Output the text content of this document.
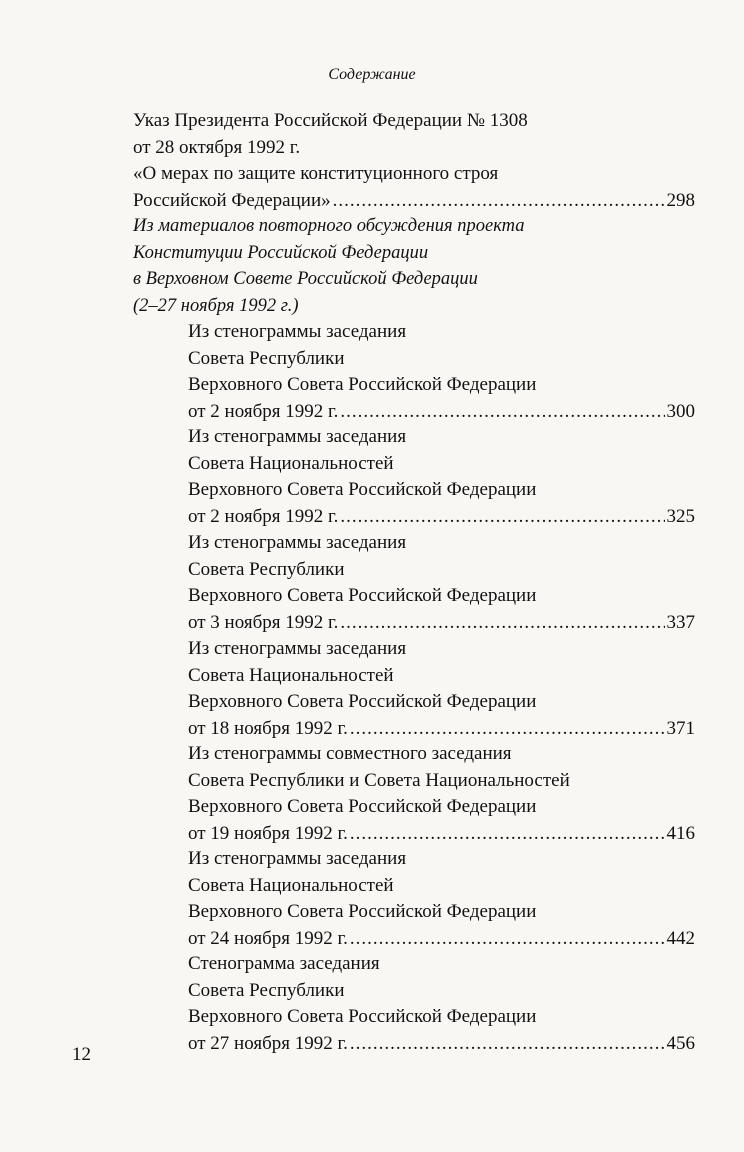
Содержание
Указ Президента Российской Федерации № 1308
от 28 октября 1992 г.
«О мерах по защите конституционного строя
Российской Федерации» .....	298
Из материалов повторного обсуждения проекта
Конституции Российской Федерации
в Верховном Совете Российской Федерации
(2–27 ноября 1992 г.)
Из стенограммы заседания
Совета Республики
Верховного Совета Российской Федерации
от 2 ноября 1992 г. .....	300
Из стенограммы заседания
Совета Национальностей
Верховного Совета Российской Федерации
от 2 ноября 1992 г. .....	325
Из стенограммы заседания
Совета Республики
Верховного Совета Российской Федерации
от 3 ноября 1992 г. .....	337
Из стенограммы заседания
Совета Национальностей
Верховного Совета Российской Федерации
от 18 ноября 1992 г. .....	371
Из стенограммы совместного заседания
Совета Республики и Совета Национальностей
Верховного Совета Российской Федерации
от 19 ноября 1992 г. .....	416
Из стенограммы заседания
Совета Национальностей
Верховного Совета Российской Федерации
от 24 ноября 1992 г. .....	442
Стенограмма заседания
Совета Республики
Верховного Совета Российской Федерации
от 27 ноября 1992 г. .....	456
12
